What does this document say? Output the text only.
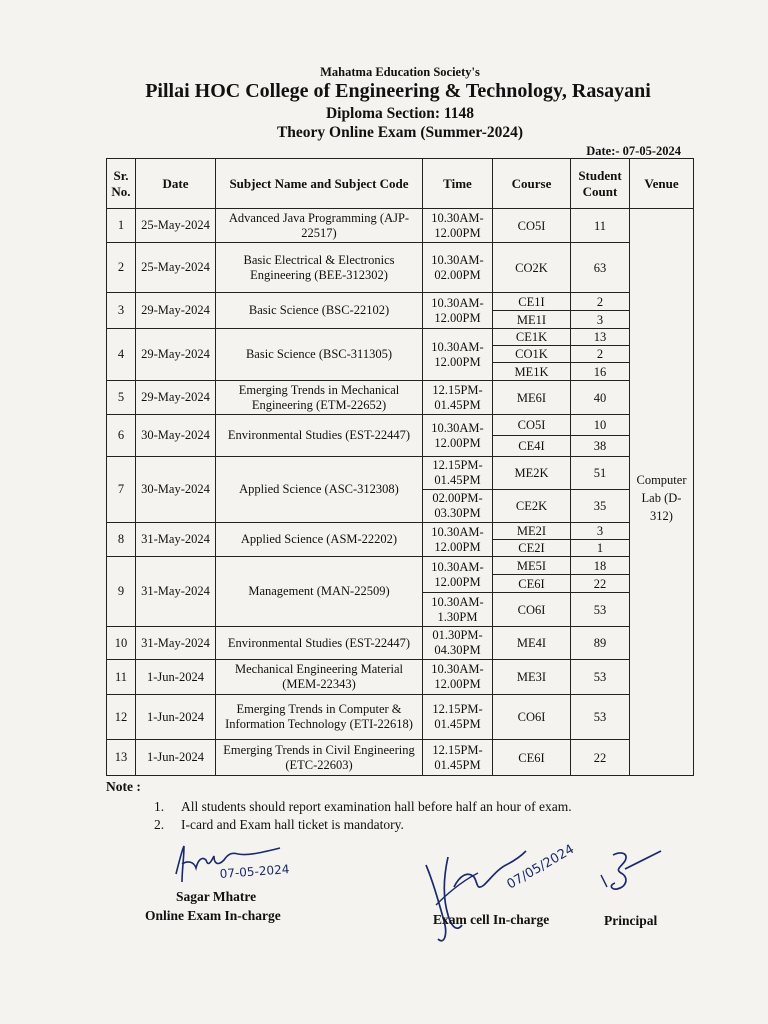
Mahatma Education Society's
Pillai HOC College of Engineering & Technology, Rasayani
Diploma Section: 1148
Theory Online Exam (Summer-2024)
Date:- 07-05-2024
Sr. No.	Date	Subject Name and Subject Code	Time	Course	Student Count	Venue
1	25-May-2024	Advanced Java Programming (AJP-22517)	10.30AM-12.00PM	CO5I	11	Computer Lab (D-312)
2	25-May-2024	Basic Electrical & Electronics Engineering (BEE-312302)	10.30AM-02.00PM	CO2K	63	
3	29-May-2024	Basic Science (BSC-22102)	10.30AM-12.00PM	CE1I	2	
				ME1I	3	
4	29-May-2024	Basic Science (BSC-311305)	10.30AM-12.00PM	CE1K	13	
				CO1K	2	
				ME1K	16	
5	29-May-2024	Emerging Trends in Mechanical Engineering (ETM-22652)	12.15PM-01.45PM	ME6I	40	
6	30-May-2024	Environmental Studies (EST-22447)	10.30AM-12.00PM	CO5I	10	
				CE4I	38	
7	30-May-2024	Applied Science (ASC-312308)	12.15PM-01.45PM	ME2K	51	
			02.00PM-03.30PM	CE2K	35	
8	31-May-2024	Applied Science (ASM-22202)	10.30AM-12.00PM	ME2I	3	
				CE2I	1	
9	31-May-2024	Management (MAN-22509)	10.30AM-12.00PM	ME5I	18	
				CE6I	22	
			10.30AM-1.30PM	CO6I	53	
10	31-May-2024	Environmental Studies (EST-22447)	01.30PM-04.30PM	ME4I	89	
11	1-Jun-2024	Mechanical Engineering Material (MEM-22343)	10.30AM-12.00PM	ME3I	53	
12	1-Jun-2024	Emerging Trends in Computer & Information Technology (ETI-22618)	12.15PM-01.45PM	CO6I	53	
13	1-Jun-2024	Emerging Trends in Civil Engineering (ETC-22603)	12.15PM-01.45PM	CE6I	22	
Note :
1. All students should report examination hall before half an hour of exam.
2. I-card and Exam hall ticket is mandatory.
07-05-2024
Sagar Mhatre
Online Exam In-charge
07/05/2024
Exam cell In-charge	Principal
